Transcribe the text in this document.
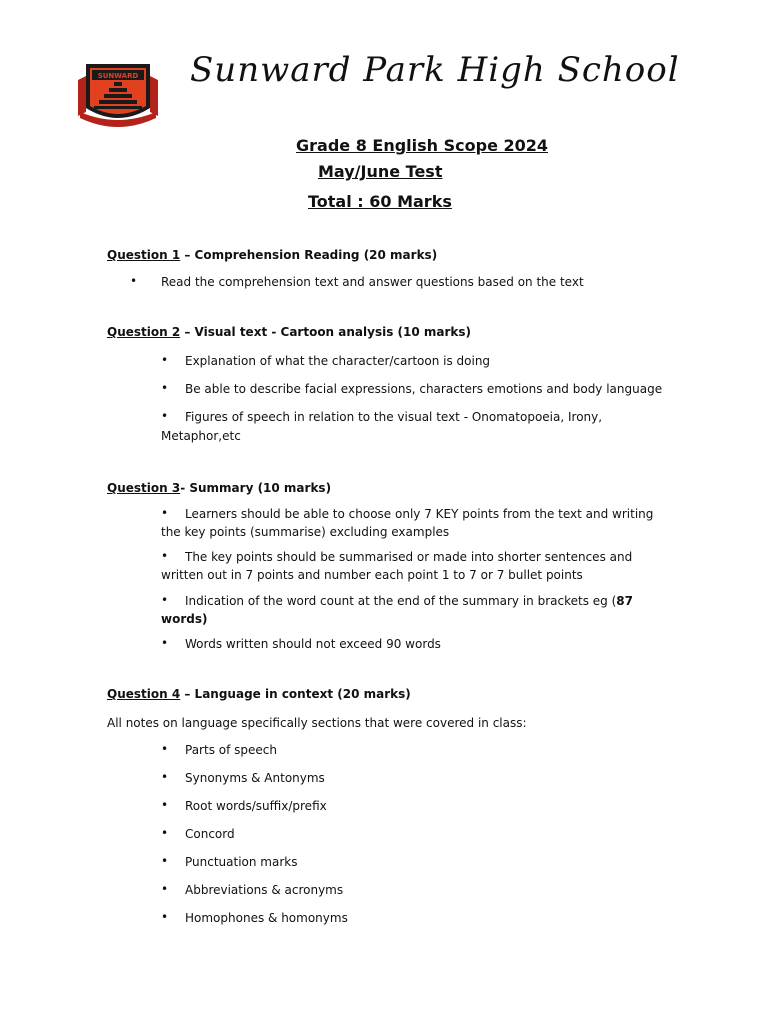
SUNWARD Sunward Park High School
Grade 8 English Scope 2024
May/June Test
Total : 60 Marks
Question 1 – Comprehension Reading (20 marks)
• Read the comprehension text and answer questions based on the text
Question 2 – Visual text - Cartoon analysis (10 marks)
• Explanation of what the character/cartoon is doing
• Be able to describe facial expressions, characters emotions and body language
• Figures of speech in relation to the visual text - Onomatopoeia, Irony,
Metaphor,etc
Question 3- Summary (10 marks)
• Learners should be able to choose only 7 KEY points from the text and writing
the key points (summarise) excluding examples
• The key points should be summarised or made into shorter sentences and
written out in 7 points and number each point 1 to 7 or 7 bullet points
• Indication of the word count at the end of the summary in brackets eg (87
words)
• Words written should not exceed 90 words
Question 4 – Language in context (20 marks)
All notes on language specifically sections that were covered in class:
• Parts of speech
• Synonyms & Antonyms
• Root words/suffix/prefix
• Concord
• Punctuation marks
• Abbreviations & acronyms
• Homophones & homonyms
